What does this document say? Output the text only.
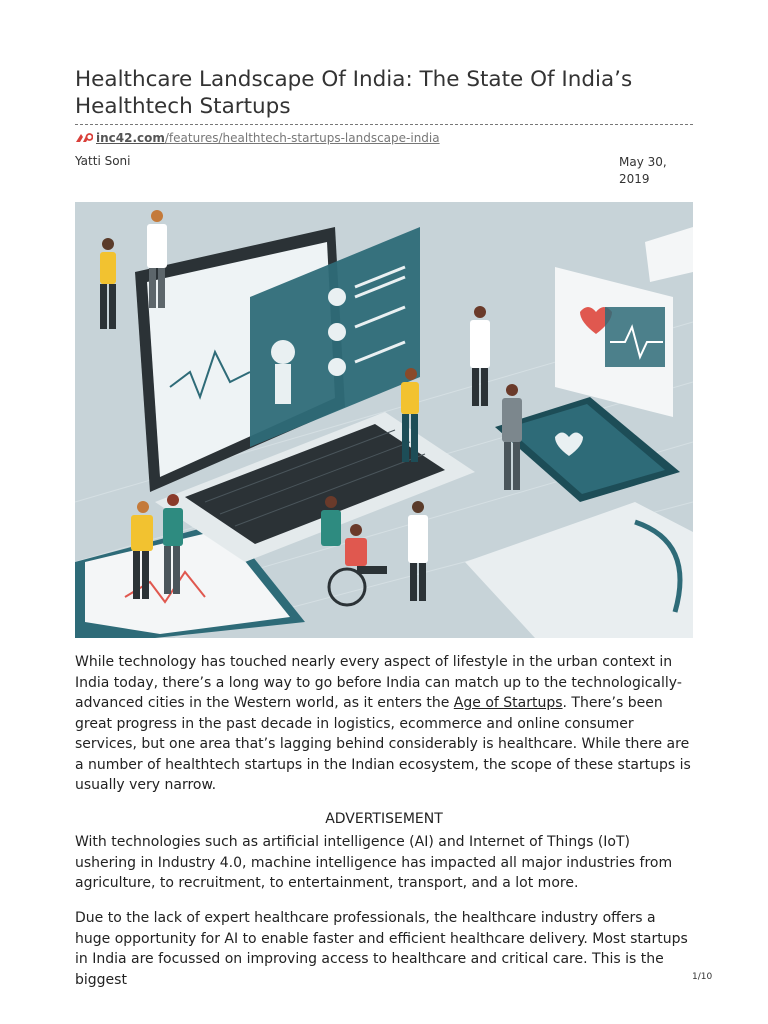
Healthcare Landscape Of India: The State Of India’s Healthtech Startups
inc42.com /features/healthtech-startups-landscape-india
Yatti Soni	May 30, 2019

While technology has touched nearly every aspect of lifestyle in the urban context in India today, there’s a long way to go before India can match up to the technologically-advanced cities in the Western world, as it enters the Age of Startups. There’s been great progress in the past decade in logistics, ecommerce and online consumer services, but one area that’s lagging behind considerably is healthcare. While there are a number of healthtech startups in the Indian ecosystem, the scope of these startups is usually very narrow.

ADVERTISEMENT

With technologies such as artificial intelligence (AI) and Internet of Things (IoT) ushering in Industry 4.0, machine intelligence has impacted all major industries from agriculture, to recruitment, to entertainment, transport, and a lot more.

Due to the lack of expert healthcare professionals, the healthcare industry offers a huge opportunity for AI to enable faster and efficient healthcare delivery. Most startups in India are focussed on improving access to healthcare and critical care. This is the biggest	1/10
